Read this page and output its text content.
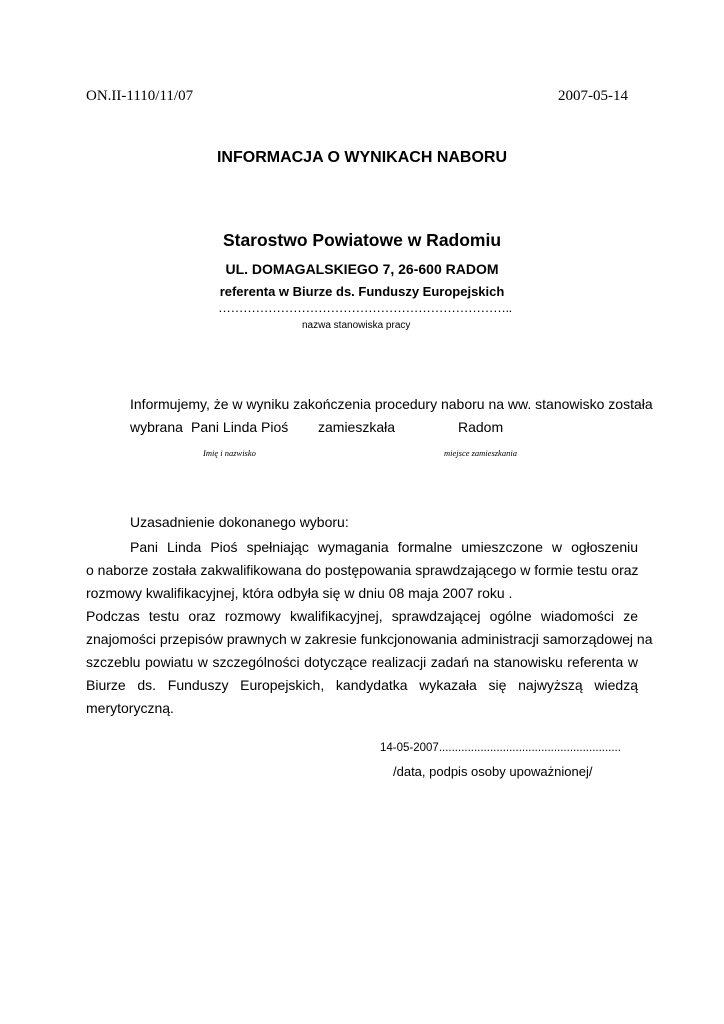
ON.II-1110/11/07	2007-05-14
INFORMACJA O WYNIKACH NABORU
Starostwo Powiatowe w Radomiu
UL. DOMAGALSKIEGO 7, 26-600 RADOM
referenta w Biurze ds. Funduszy Europejskich
……………………………………………………………..
nazwa stanowiska pracy
Informujemy, że w wyniku zakończenia procedury naboru na ww. stanowisko została
wybrana Pani Linda Pioś zamieszkała	Radom
Imię i nazwisko	miejsce zamieszkania
Uzasadnienie dokonanego wyboru:
Pani Linda Pioś spełniając wymagania formalne umieszczone w ogłoszeniu
o naborze została zakwalifikowana do postępowania sprawdzającego w formie testu oraz
rozmowy kwalifikacyjnej, która odbyła się w dniu 08 maja 2007 roku .
Podczas testu oraz rozmowy kwalifikacyjnej, sprawdzającej ogólne wiadomości ze
znajomości przepisów prawnych w zakresie funkcjonowania administracji samorządowej na
szczeblu powiatu w szczególności dotyczące realizacji zadań na stanowisku referenta w
Biurze ds. Funduszy Europejskich, kandydatka wykazała się najwyższą wiedzą
merytoryczną.
14-05-2007.........................................................
/data, podpis osoby upoważnionej/
